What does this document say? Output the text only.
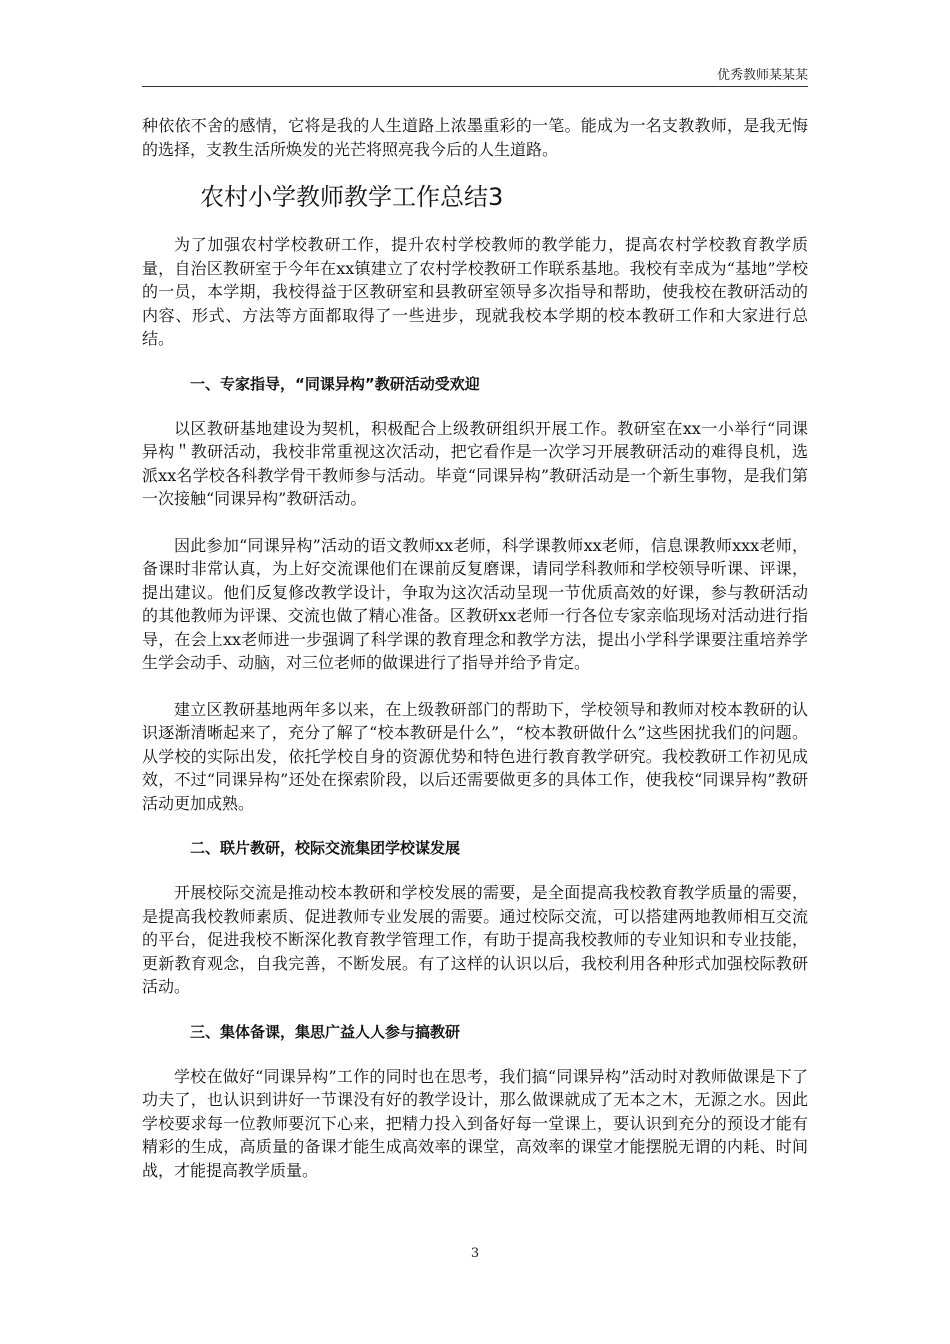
优秀教师某某某

种依依不舍的感情，它将是我的人生道路上浓墨重彩的一笔。能成为一名支教教师，是我无悔的选择，支教生活所焕发的光芒将照亮我今后的人生道路。

农村小学教师教学工作总结3

为了加强农村学校教研工作，提升农村学校教师的教学能力，提高农村学校教育教学质量，自治区教研室于今年在xx镇建立了农村学校教研工作联系基地。我校有幸成为“基地”学校的一员，本学期，我校得益于区教研室和县教研室领导多次指导和帮助，使我校在教研活动的内容、形式、方法等方面都取得了一些进步，现就我校本学期的校本教研工作和大家进行总结。

一、专家指导，“同课异构”教研活动受欢迎

以区教研基地建设为契机，积极配合上级教研组织开展工作。教研室在xx一小举行“同课异构＂教研活动，我校非常重视这次活动，把它看作是一次学习开展教研活动的难得良机，选派xx名学校各科教学骨干教师参与活动。毕竟“同课异构”教研活动是一个新生事物，是我们第一次接触“同课异构”教研活动。

因此参加“同课异构”活动的语文教师xx老师，科学课教师xx老师，信息课教师xxx老师，备课时非常认真，为上好交流课他们在课前反复磨课，请同学科教师和学校领导听课、评课，提出建议。他们反复修改教学设计，争取为这次活动呈现一节优质高效的好课，参与教研活动的其他教师为评课、交流也做了精心准备。区教研xx老师一行各位专家亲临现场对活动进行指导，在会上xx老师进一步强调了科学课的教育理念和教学方法，提出小学科学课要注重培养学生学会动手、动脑，对三位老师的做课进行了指导并给予肯定。

建立区教研基地两年多以来，在上级教研部门的帮助下，学校领导和教师对校本教研的认识逐渐清晰起来了，充分了解了“校本教研是什么”，“校本教研做什么”这些困扰我们的问题。从学校的实际出发，依托学校自身的资源优势和特色进行教育教学研究。我校教研工作初见成效，不过“同课异构”还处在探索阶段，以后还需要做更多的具体工作，使我校“同课异构”教研活动更加成熟。

二、联片教研，校际交流集团学校谋发展

开展校际交流是推动校本教研和学校发展的需要，是全面提高我校教育教学质量的需要，是提高我校教师素质、促进教师专业发展的需要。通过校际交流，可以搭建两地教师相互交流的平台，促进我校不断深化教育教学管理工作，有助于提高我校教师的专业知识和专业技能，更新教育观念，自我完善，不断发展。有了这样的认识以后，我校利用各种形式加强校际教研活动。

三、集体备课，集思广益人人参与搞教研

学校在做好“同课异构”工作的同时也在思考，我们搞“同课异构”活动时对教师做课是下了功夫了，也认识到讲好一节课没有好的教学设计，那么做课就成了无本之木，无源之水。因此学校要求每一位教师要沉下心来，把精力投入到备好每一堂课上，要认识到充分的预设才能有精彩的生成，高质量的备课才能生成高效率的课堂，高效率的课堂才能摆脱无谓的内耗、时间战，才能提高教学质量。

3
